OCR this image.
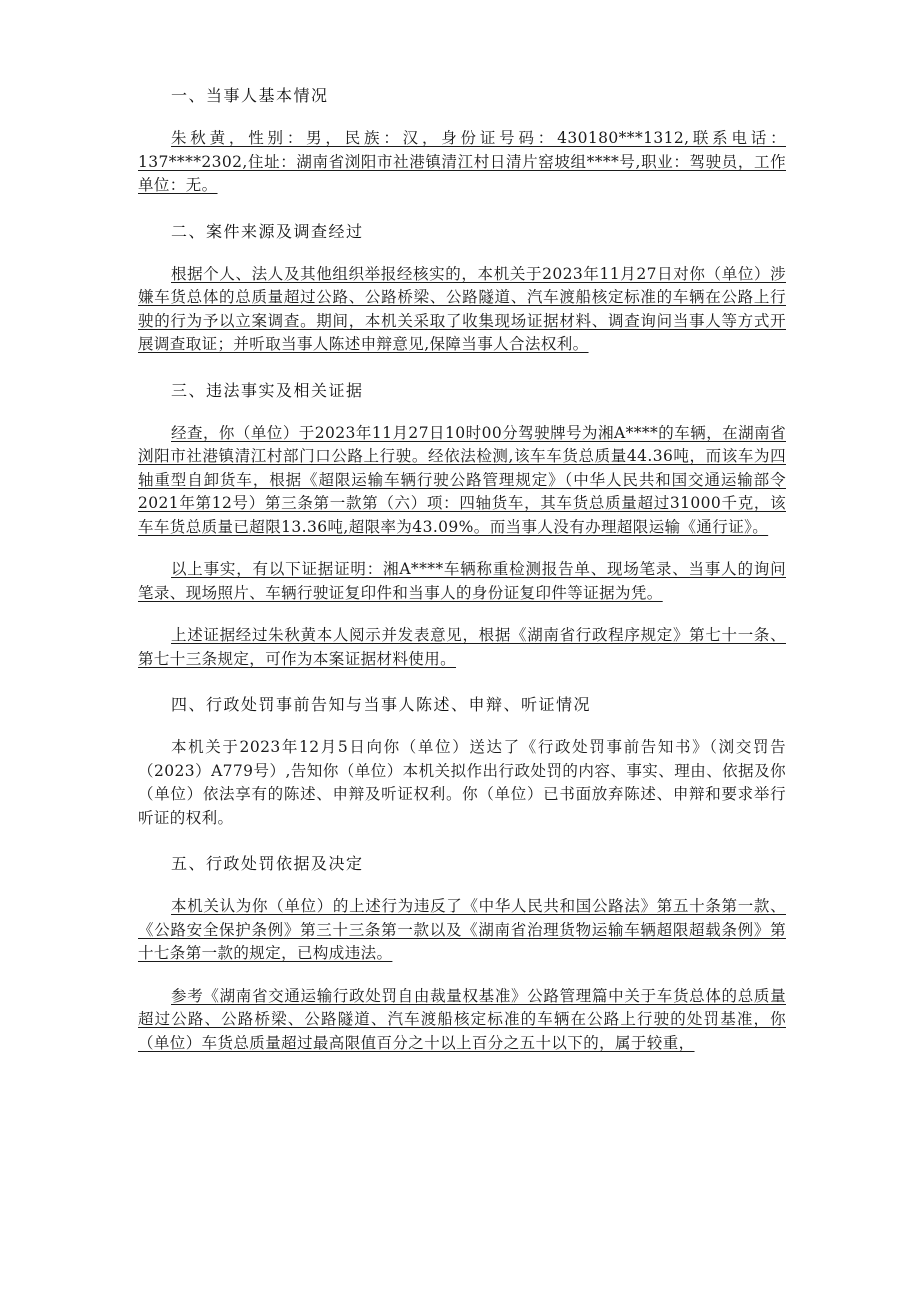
一、当事人基本情况

朱秋黄，性别：男，民族：汉，身份证号码：430180***1312,联系电话：137****2302,住址：湖南省浏阳市社港镇清江村日清片窑坡组****号,职业：驾驶员，工作单位：无。

二、案件来源及调查经过

根据个人、法人及其他组织举报经核实的，本机关于2023年11月27日对你（单位）涉嫌车货总体的总质量超过公路、公路桥梁、公路隧道、汽车渡船核定标准的车辆在公路上行驶的行为予以立案调查。期间，本机关采取了收集现场证据材料、调查询问当事人等方式开展调查取证；并听取当事人陈述申辩意见,保障当事人合法权利。

三、违法事实及相关证据

经查，你（单位）于2023年11月27日10时00分驾驶牌号为湘A****的车辆，在湖南省浏阳市社港镇清江村部门口公路上行驶。经依法检测,该车车货总质量44.36吨，而该车为四轴重型自卸货车，根据《超限运输车辆行驶公路管理规定》（中华人民共和国交通运输部令2021年第12号）第三条第一款第（六）项：四轴货车，其车货总质量超过31000千克，该车车货总质量已超限13.36吨,超限率为43.09%。而当事人没有办理超限运输《通行证》。

以上事实，有以下证据证明：湘A****车辆称重检测报告单、现场笔录、当事人的询问笔录、现场照片、车辆行驶证复印件和当事人的身份证复印件等证据为凭。

上述证据经过朱秋黄本人阅示并发表意见，根据《湖南省行政程序规定》第七十一条、第七十三条规定，可作为本案证据材料使用。

四、行政处罚事前告知与当事人陈述、申辩、听证情况

本机关于2023年12月5日向你（单位）送达了《行政处罚事前告知书》（浏交罚告（2023）A779号）,告知你（单位）本机关拟作出行政处罚的内容、事实、理由、依据及你（单位）依法享有的陈述、申辩及听证权利。你（单位）已书面放弃陈述、申辩和要求举行听证的权利。

五、行政处罚依据及决定

本机关认为你（单位）的上述行为违反了《中华人民共和国公路法》第五十条第一款、《公路安全保护条例》第三十三条第一款以及《湖南省治理货物运输车辆超限超载条例》第十七条第一款的规定，已构成违法。

参考《湖南省交通运输行政处罚自由裁量权基准》公路管理篇中关于车货总体的总质量超过公路、公路桥梁、公路隧道、汽车渡船核定标准的车辆在公路上行驶的处罚基准，你（单位）车货总质量超过最高限值百分之十以上百分之五十以下的，属于较重，
